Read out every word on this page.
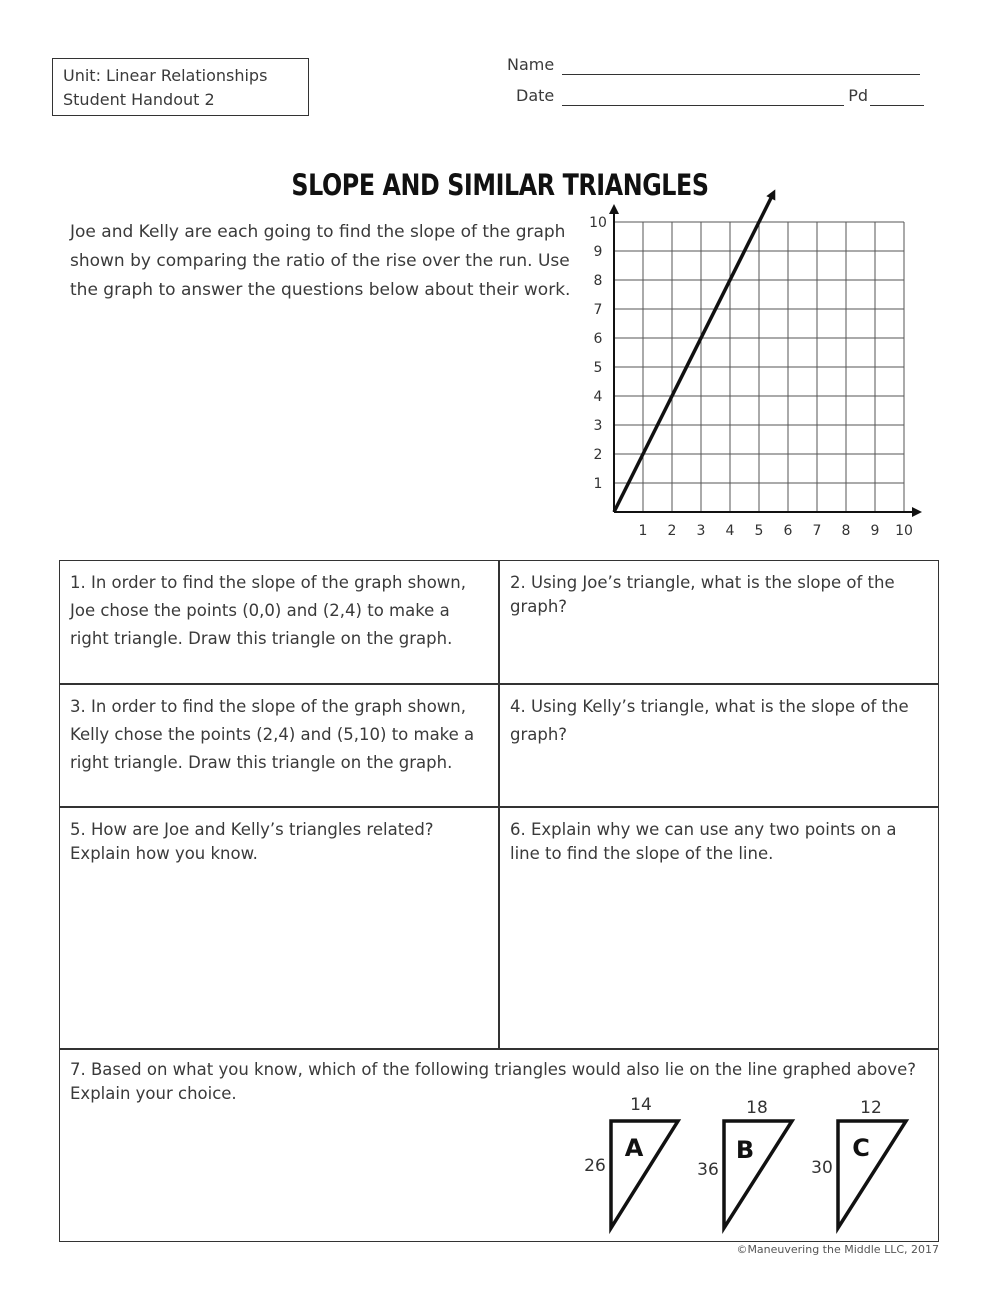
Unit: Linear Relationships
Student Handout 2
Name
Date	Pd
SLOPE AND SIMILAR TRIANGLES
Joe and Kelly are each going to find the slope of the graph shown by comparing the ratio of the rise over the run. Use the graph to answer the questions below about their work.
1 2 3 4 5 6 7 8 9 10
1
2
3
4
5
6
7
8
9
10
1. In order to find the slope of the graph shown, Joe chose the points (0,0) and (2,4) to make a right triangle. Draw this triangle on the graph.
2. Using Joe’s triangle, what is the slope of the graph?
3. In order to find the slope of the graph shown, Kelly chose the points (2,4) and (5,10) to make a right triangle. Draw this triangle on the graph.
4. Using Kelly’s triangle, what is the slope of the graph?
5. How are Joe and Kelly’s triangles related? Explain how you know.
6. Explain why we can use any two points on a line to find the slope of the line.
7. Based on what you know, which of the following triangles would also lie on the line graphed above? Explain your choice.
14
26
A
18
36
B
12
30
C
©Maneuvering the Middle LLC, 2017
